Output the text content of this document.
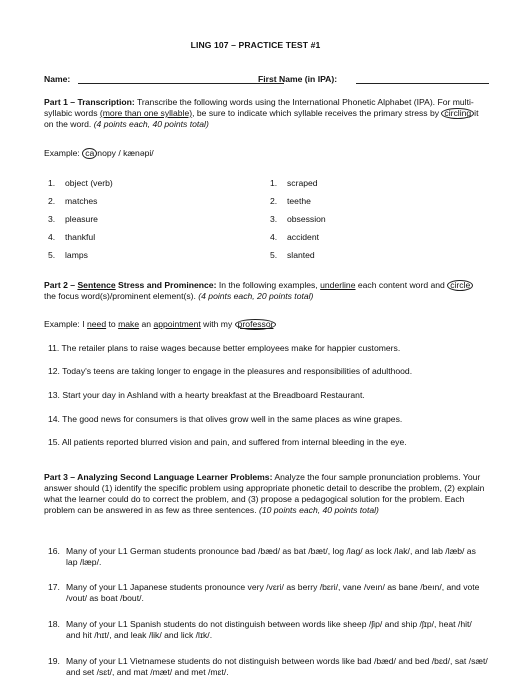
LING 107 – PRACTICE TEST #1
Name:	First Name (in IPA):
Part 1 – Transcription: Transcribe the following words using the International Phonetic Alphabet (IPA). For multi-syllabic words (more than one syllable), be sure to indicate which syllable receives the primary stress by circling it on the word. (4 points each, 40 points total)
Example: ca nopy / kænəpi/
1. object (verb)
2. matches
3. pleasure
4. thankful
5. lamps
1. scraped
2. teethe
3. obsession
4. accident
5. slanted
Part 2 – Sentence Stress and Prominence: In the following examples, underline each content word and circle the focus word(s)/prominent element(s). (4 points each, 20 points total)
Example: I need to make an appointment with my professor
11. The retailer plans to raise wages because better employees make for happier customers.
12. Today's teens are taking longer to engage in the pleasures and responsibilities of adulthood.
13. Start your day in Ashland with a hearty breakfast at the Breadboard Restaurant.
14. The good news for consumers is that olives grow well in the same places as wine grapes.
15. All patients reported blurred vision and pain, and suffered from internal bleeding in the eye.
Part 3 – Analyzing Second Language Learner Problems: Analyze the four sample pronunciation problems. Your answer should (1) identify the specific problem using appropriate phonetic detail to describe the problem, (2) explain what the learner could do to correct the problem, and (3) propose a pedagogical solution for the problem. Each problem can be answered in as few as three sentences. (10 points each, 40 points total)
16. Many of your L1 German students pronounce bad /bæd/ as bat /bæt/, log /lag/ as lock /lak/, and lab /læb/ as lap /læp/.
17. Many of your L1 Japanese students pronounce very /vɛri/ as berry /bɛri/, vane /veın/ as bane /beın/, and vote /vout/ as boat /bout/.
18. Many of your L1 Spanish students do not distinguish between words like sheep /ʃip/ and ship /ʃɪp/, heat /hit/ and hit /hɪt/, and leak /lik/ and lick /lɪk/.
19. Many of your L1 Vietnamese students do not distinguish between words like bad /bæd/ and bed /bɛd/, sat /sæt/ and set /sɛt/, and mat /mæt/ and met /mɛt/.
